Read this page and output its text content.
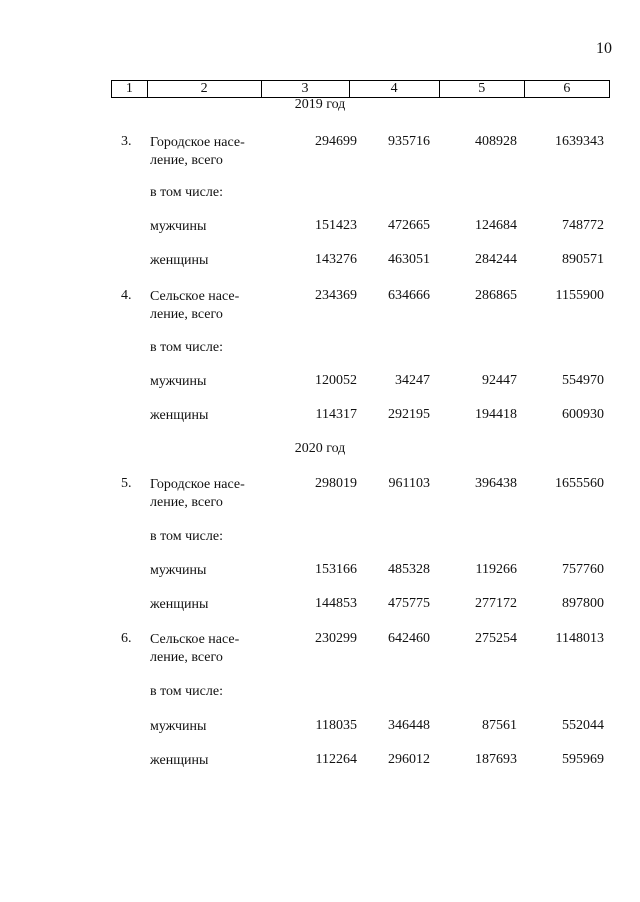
10
1	2	3	4	5	6
2019 год
3. Городское насе-
ление, всего
294699	935716	408928	1639343
в том числе:
мужчины	151423	472665	124684	748772
женщины	143276	463051	284244	890571
4. Сельское насе-
ление, всего
234369	634666	286865	1155900
в том числе:
мужчины	120052	34247	92447	554970
женщины	114317	292195	194418	600930
2020 год
5. Городское насе-
ление, всего
298019	961103	396438	1655560
в том числе:
мужчины	153166	485328	119266	757760
женщины	144853	475775	277172	897800
6. Сельское насе-
ление, всего
230299	642460	275254	1148013
в том числе:
мужчины	118035	346448	87561	552044
женщины	112264	296012	187693	595969
